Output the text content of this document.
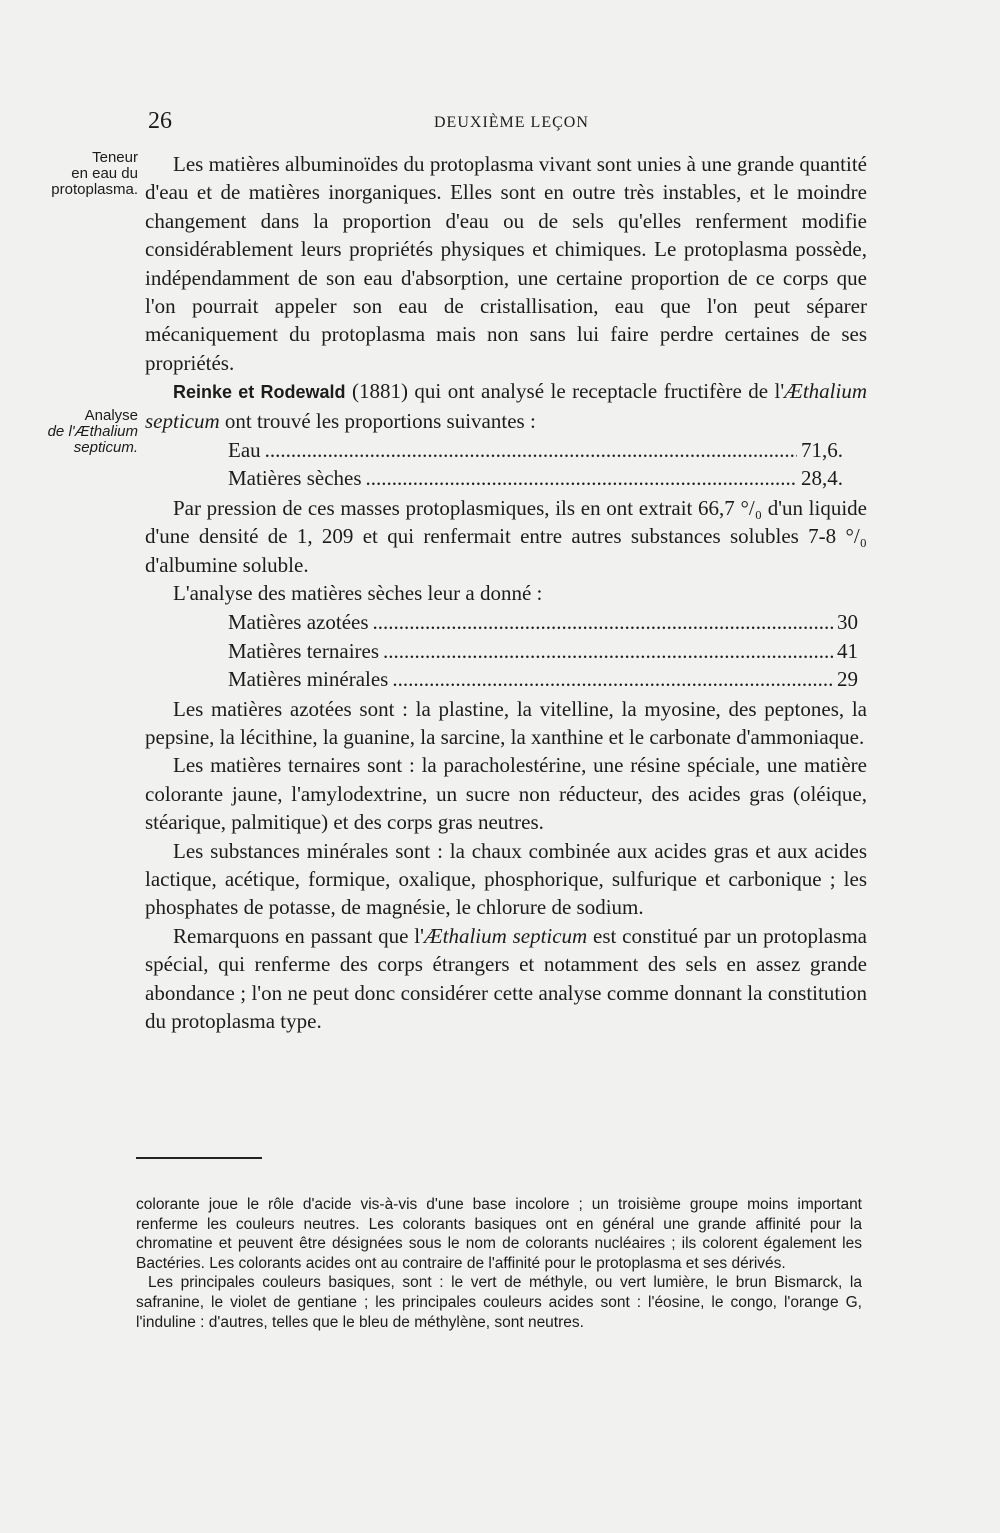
26	DEUXIÈME LEÇON
Teneur
en eau du
protoplasma.
Analyse
de l'Æthalium
septicum.

Les matières albuminoïdes du protoplasma vivant sont unies à une grande quantité d'eau et de matières inorganiques. Elles sont en outre très instables, et le moindre changement dans la proportion d'eau ou de sels qu'elles renferment modifie considérablement leurs propriétés physiques et chimiques. Le protoplasma possède, indépendamment de son eau d'absorption, une certaine proportion de ce corps que l'on pourrait appeler son eau de cristallisation, eau que l'on peut séparer mécaniquement du protoplasma mais non sans lui faire perdre certaines de ses propriétés.

Reinke et Rodewald (1881) qui ont analysé le receptacle fructifère de l'Æthalium septicum ont trouvé les proportions suivantes :

Eau .....	71,6.
Matières sèches .....	28,4.

Par pression de ces masses protoplasmiques, ils en ont extrait 66,7 °/₀ d'un liquide d'une densité de 1, 209 et qui renfermait entre autres substances solubles 7-8 °/₀ d'albumine soluble.

L'analyse des matières sèches leur a donné :

Matières azotées .....	30
Matières ternaires .....	41
Matières minérales .....	29

Les matières azotées sont : la plastine, la vitelline, la myosine, des peptones, la pepsine, la lécithine, la guanine, la sarcine, la xanthine et le carbonate d'ammoniaque.

Les matières ternaires sont : la paracholestérine, une résine spéciale, une matière colorante jaune, l'amylodextrine, un sucre non réducteur, des acides gras (oléique, stéarique, palmitique) et des corps gras neutres.

Les substances minérales sont : la chaux combinée aux acides gras et aux acides lactique, acétique, formique, oxalique, phosphorique, sulfurique et carbonique ; les phosphates de potasse, de magnésie, le chlorure de sodium.

Remarquons en passant que l'Æthalium septicum est constitué par un protoplasma spécial, qui renferme des corps étrangers et notamment des sels en assez grande abondance ; l'on ne peut donc considérer cette analyse comme donnant la constitution du protoplasma type.

colorante joue le rôle d'acide vis-à-vis d'une base incolore ; un troisième groupe moins important renferme les couleurs neutres. Les colorants basiques ont en général une grande affinité pour la chromatine et peuvent être désignées sous le nom de colorants nucléaires ; ils colorent également les Bactéries. Les colorants acides ont au contraire de l'affinité pour le protoplasma et ses dérivés.

Les principales couleurs basiques, sont : le vert de méthyle, ou vert lumière, le brun Bismarck, la safranine, le violet de gentiane ; les principales couleurs acides sont : l'éosine, le congo, l'orange G, l'induline : d'autres, telles que le bleu de méthylène, sont neutres.
